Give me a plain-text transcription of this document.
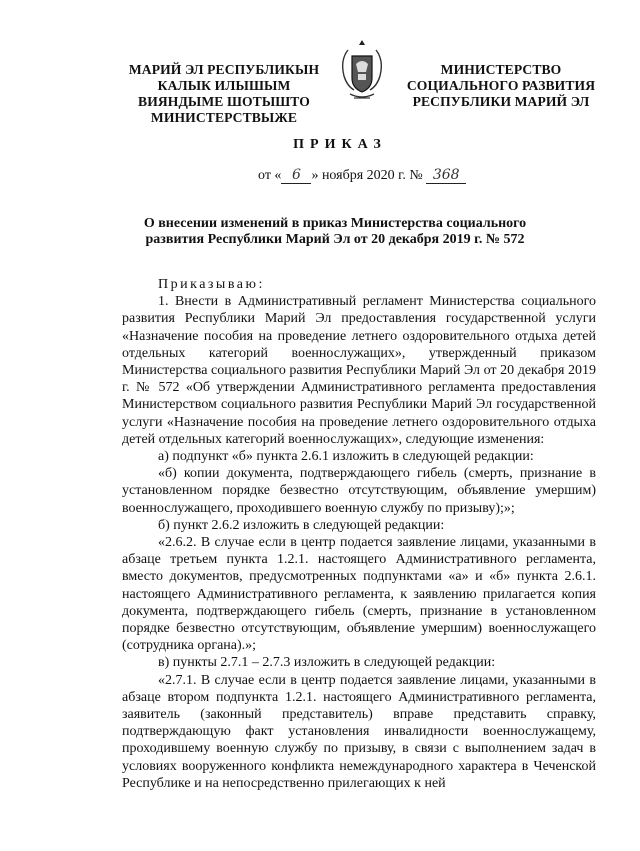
МАРИЙ ЭЛ РЕСПУБЛИКЫН
КАЛЫК ИЛЫШЫМ
ВИЯНДЫМЕ ШОТЫШТО
МИНИСТЕРСТВЫЖЕ
МИНИСТЕРСТВО
СОЦИАЛЬНОГО РАЗВИТИЯ
РЕСПУБЛИКИ МАРИЙ ЭЛ
ПРИКАЗ
от « 6 » ноября 2020 г. № 368
О внесении изменений в приказ Министерства социального
развития Республики Марий Эл от 20 декабря 2019 г. № 572

Приказываю:

1. Внести в Административный регламент Министерства социального развития Республики Марий Эл предоставления государственной услуги «Назначение пособия на проведение летнего оздоровительного отдыха детей отдельных категорий военнослужащих», утвержденный приказом Министерства социального развития Республики Марий Эл от 20 декабря 2019 г. № 572 «Об утверждении Административного регламента предоставления Министерством социального развития Республики Марий Эл государственной услуги «Назначение пособия на проведение летнего оздоровительного отдыха детей отдельных категорий военнослужащих», следующие изменения:

а) подпункт «б» пункта 2.6.1 изложить в следующей редакции:

«б) копии документа, подтверждающего гибель (смерть, признание в установленном порядке безвестно отсутствующим, объявление умершим) военнослужащего, проходившего военную службу по призыву);»;

б) пункт 2.6.2 изложить в следующей редакции:

«2.6.2. В случае если в центр подается заявление лицами, указанными в абзаце третьем пункта 1.2.1. настоящего Административного регламента, вместо документов, предусмотренных подпунктами «а» и «б» пункта 2.6.1. настоящего Административного регламента, к заявлению прилагается копия документа, подтверждающего гибель (смерть, признание в установленном порядке безвестно отсутствующим, объявление умершим) военнослужащего (сотрудника органа).»;

в) пункты 2.7.1 – 2.7.3 изложить в следующей редакции:

«2.7.1. В случае если в центр подается заявление лицами, указанными в абзаце втором подпункта 1.2.1. настоящего Административного регламента, заявитель (законный представитель) вправе представить справку, подтверждающую факт установления инвалидности военнослужащему, проходившему военную службу по призыву, в связи с выполнением задач в условиях вооруженного конфликта немеждународного характера в Чеченской Республике и на непосредственно прилегающих к ней
